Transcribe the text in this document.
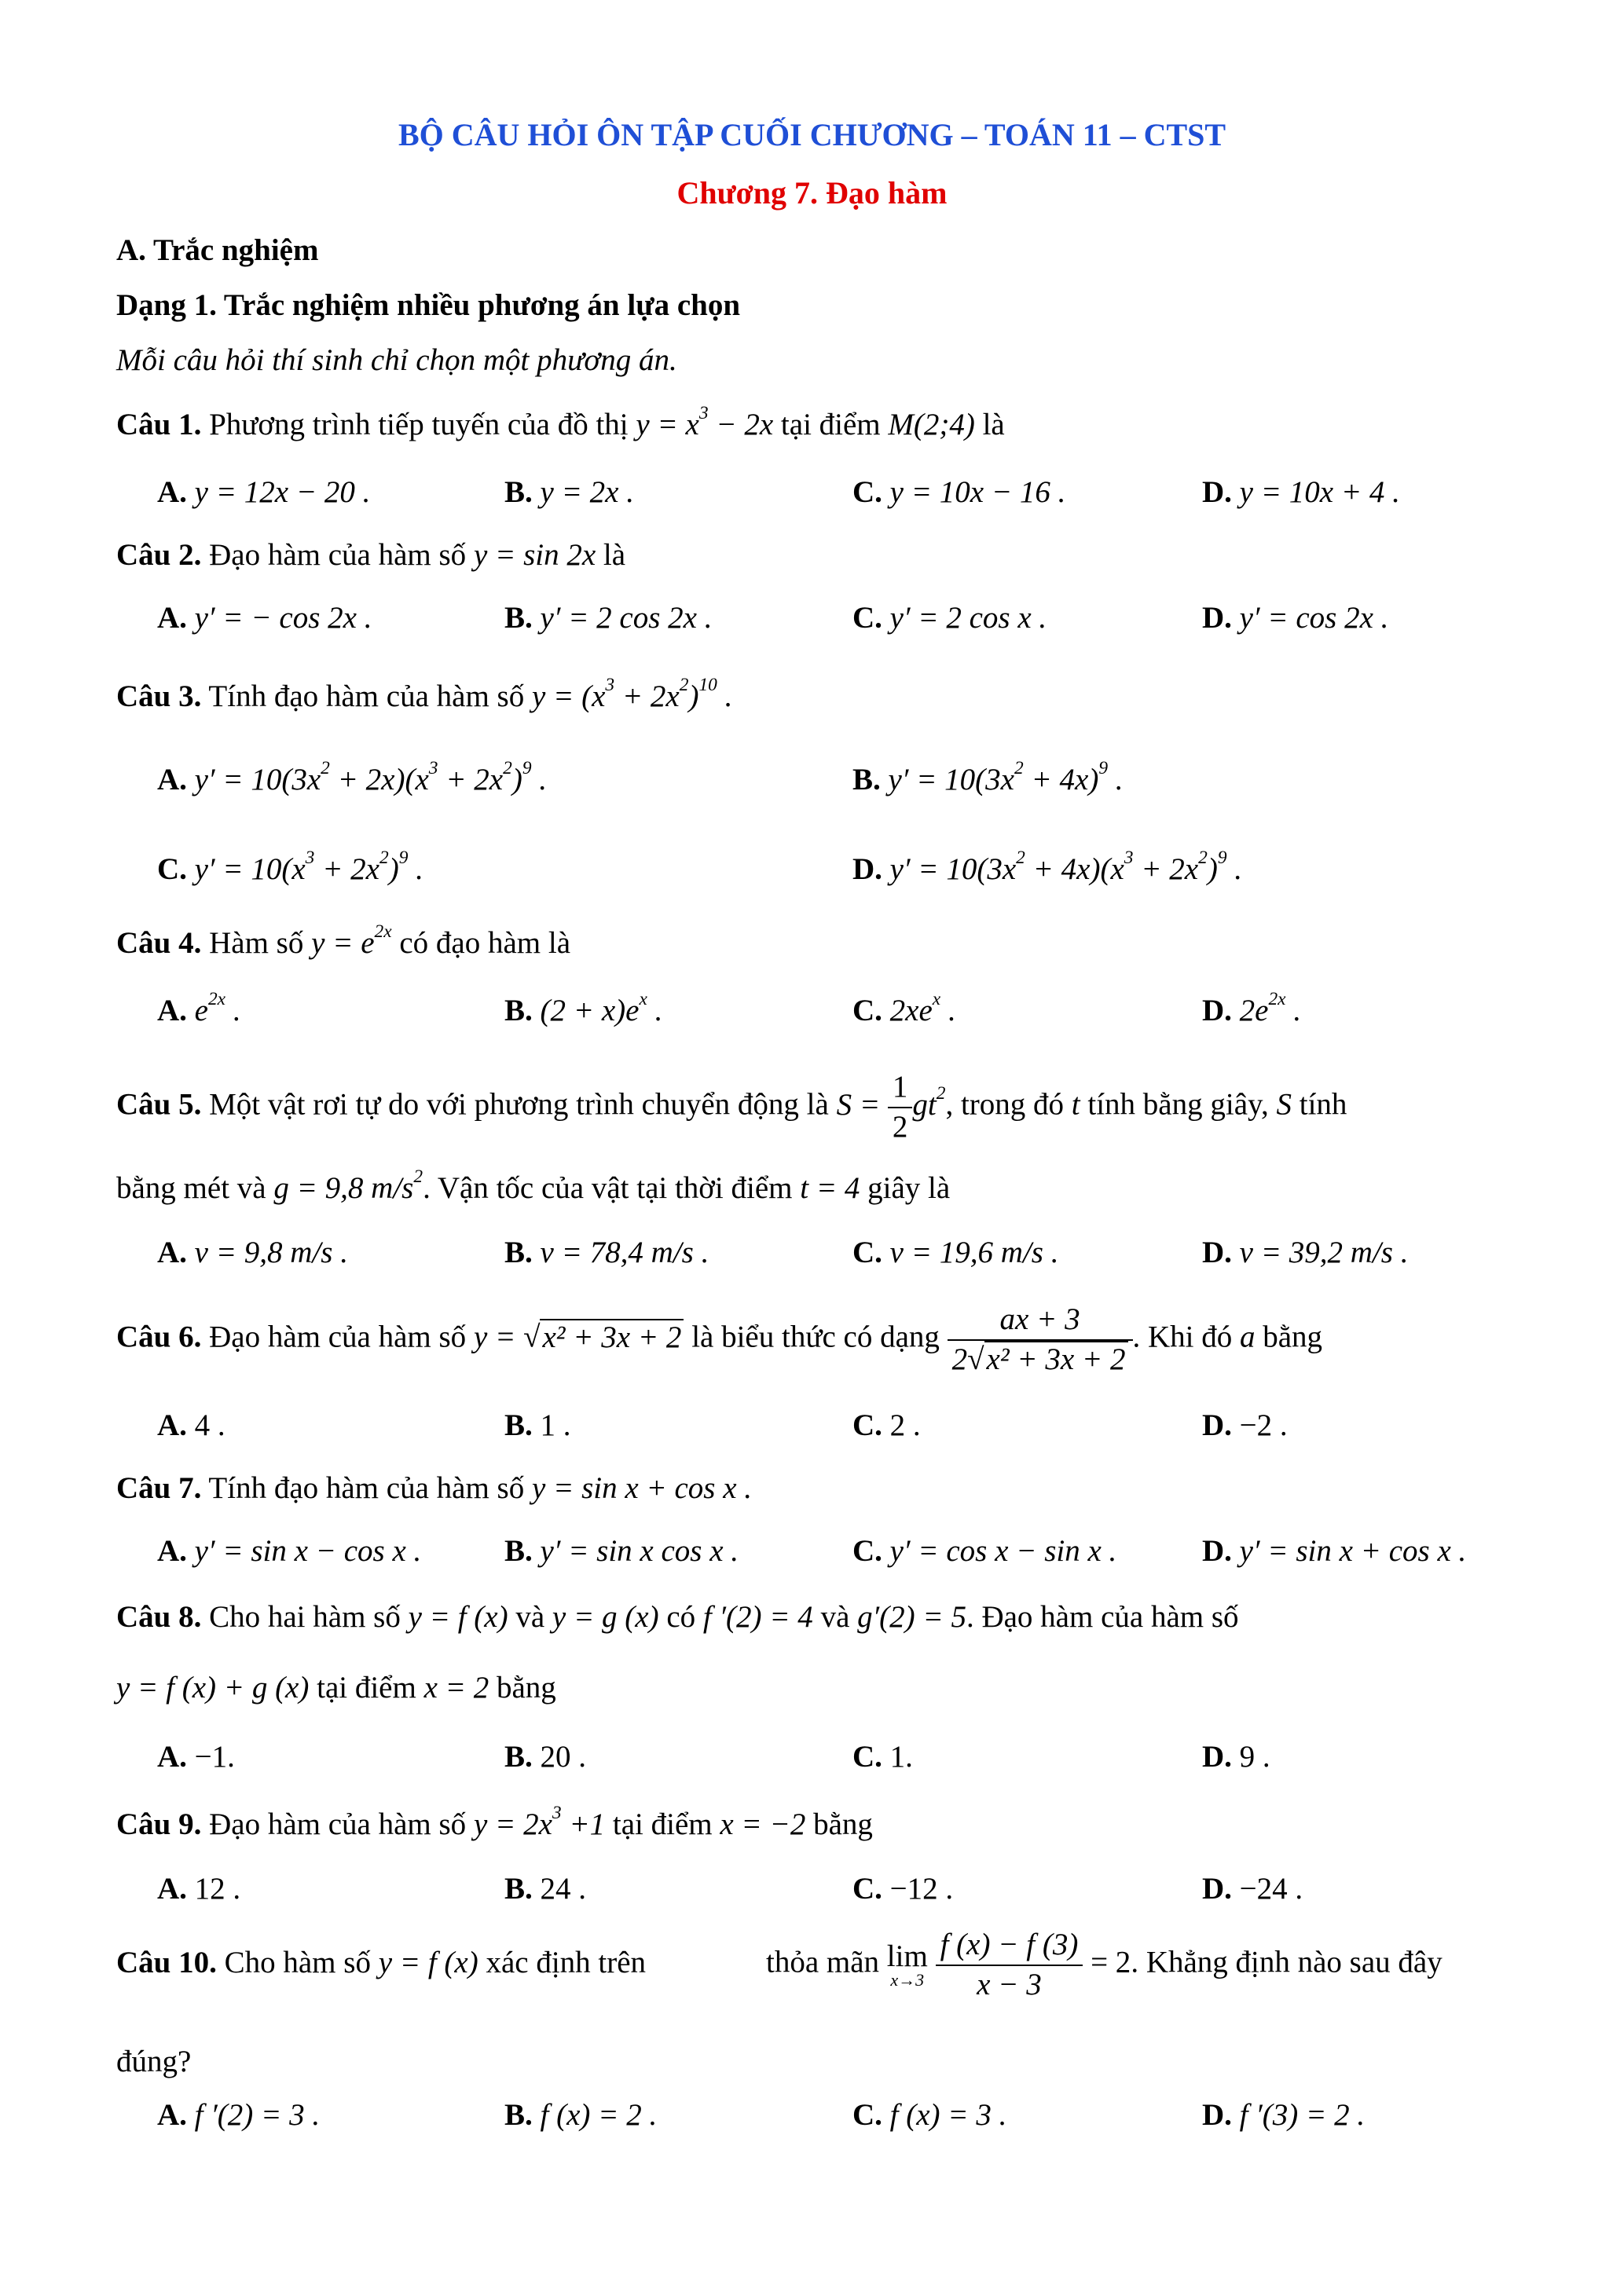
BỘ CÂU HỎI ÔN TẬP CUỐI CHƯƠNG – TOÁN 11 – CTST
Chương 7. Đạo hàm
A. Trắc nghiệm
Dạng 1. Trắc nghiệm nhiều phương án lựa chọn
Mỗi câu hỏi thí sinh chỉ chọn một phương án.
Câu 1. Phương trình tiếp tuyến của đồ thị $y = x^3 - 2x$ tại điểm M(2;4) là
A. y = 12x − 20 .	B. y = 2x .	C. y = 10x − 16 .	D. y = 10x + 4 .
Câu 2. Đạo hàm của hàm số y = sin 2x là
A. y′ = − cos 2x .	B. y′ = 2 cos 2x .	C. y′ = 2 cos x .	D. y′ = cos 2x .
Câu 3. Tính đạo hàm của hàm số $y = (x^3 + 2x^2)^{10}$ .
A. $y' = 10(3x^2 + 2x)(x^3 + 2x^2)^9$ .	B. $y' = 10(3x^2 + 4x)^9$ .
C. $y' = 10(x^3 + 2x^2)^9$ .	D. $y' = 10(3x^2 + 4x)(x^3 + 2x^2)^9$ .
Câu 4. Hàm số $y = e^{2x}$ có đạo hàm là
A. $e^{2x}$ .	B. $(2 + x)e^x$ .	C. $2xe^x$ .	D. $2e^{2x}$ .
Câu 5. Một vật rơi tự do với phương trình chuyển động là $S = \frac{1}{2} gt^2$, trong đó t tính bằng giây, S tính
bằng mét và g = 9,8 $m/s^2$. Vận tốc của vật tại thời điểm t = 4 giây là
A. v = 9,8 m/s .	B. v = 78,4 m/s .	C. v = 19,6 m/s .	D. v = 39,2 m/s .
Câu 6. Đạo hàm của hàm số y = √x² + 3x + 2 là biểu thức có dạng $\frac{ax + 3}{\text{2√x² + 3x + 2}}$ . Khi đó a bằng
A. 4 .	B. 1 .	C. 2 .	D. −2 .
Câu 7. Tính đạo hàm của hàm số y = sin x + cos x .
A. y′ = sin x − cos x .	B. y′ = sin x cos x .	C. y′ = cos x − sin x .	D. y′ = sin x + cos x .
Câu 8. Cho hai hàm số y = f (x) và y = g (x) có f ′(2) = 4 và g′(2) = 5. Đạo hàm của hàm số
y = f (x) + g (x) tại điểm x = 2 bằng
A. −1.	B. 20 .	C. 1.	D. 9 .
Câu 9. Đạo hàm của hàm số $y = 2x^3 +1$ tại điểm x = −2 bằng
A. 12 .	B. 24 .	C. −12 .	D. −24 .
Câu 10. Cho hàm số y = f (x) xác định trên	thỏa mãn lim
x→3
$\frac{f (x) - f (3)}{x - 3} = 2$. Khẳng định nào sau đây
đúng?
A. f ′(2) = 3 .	B. f (x) = 2 .	C. f (x) = 3 .	D. f ′(3) = 2 .
